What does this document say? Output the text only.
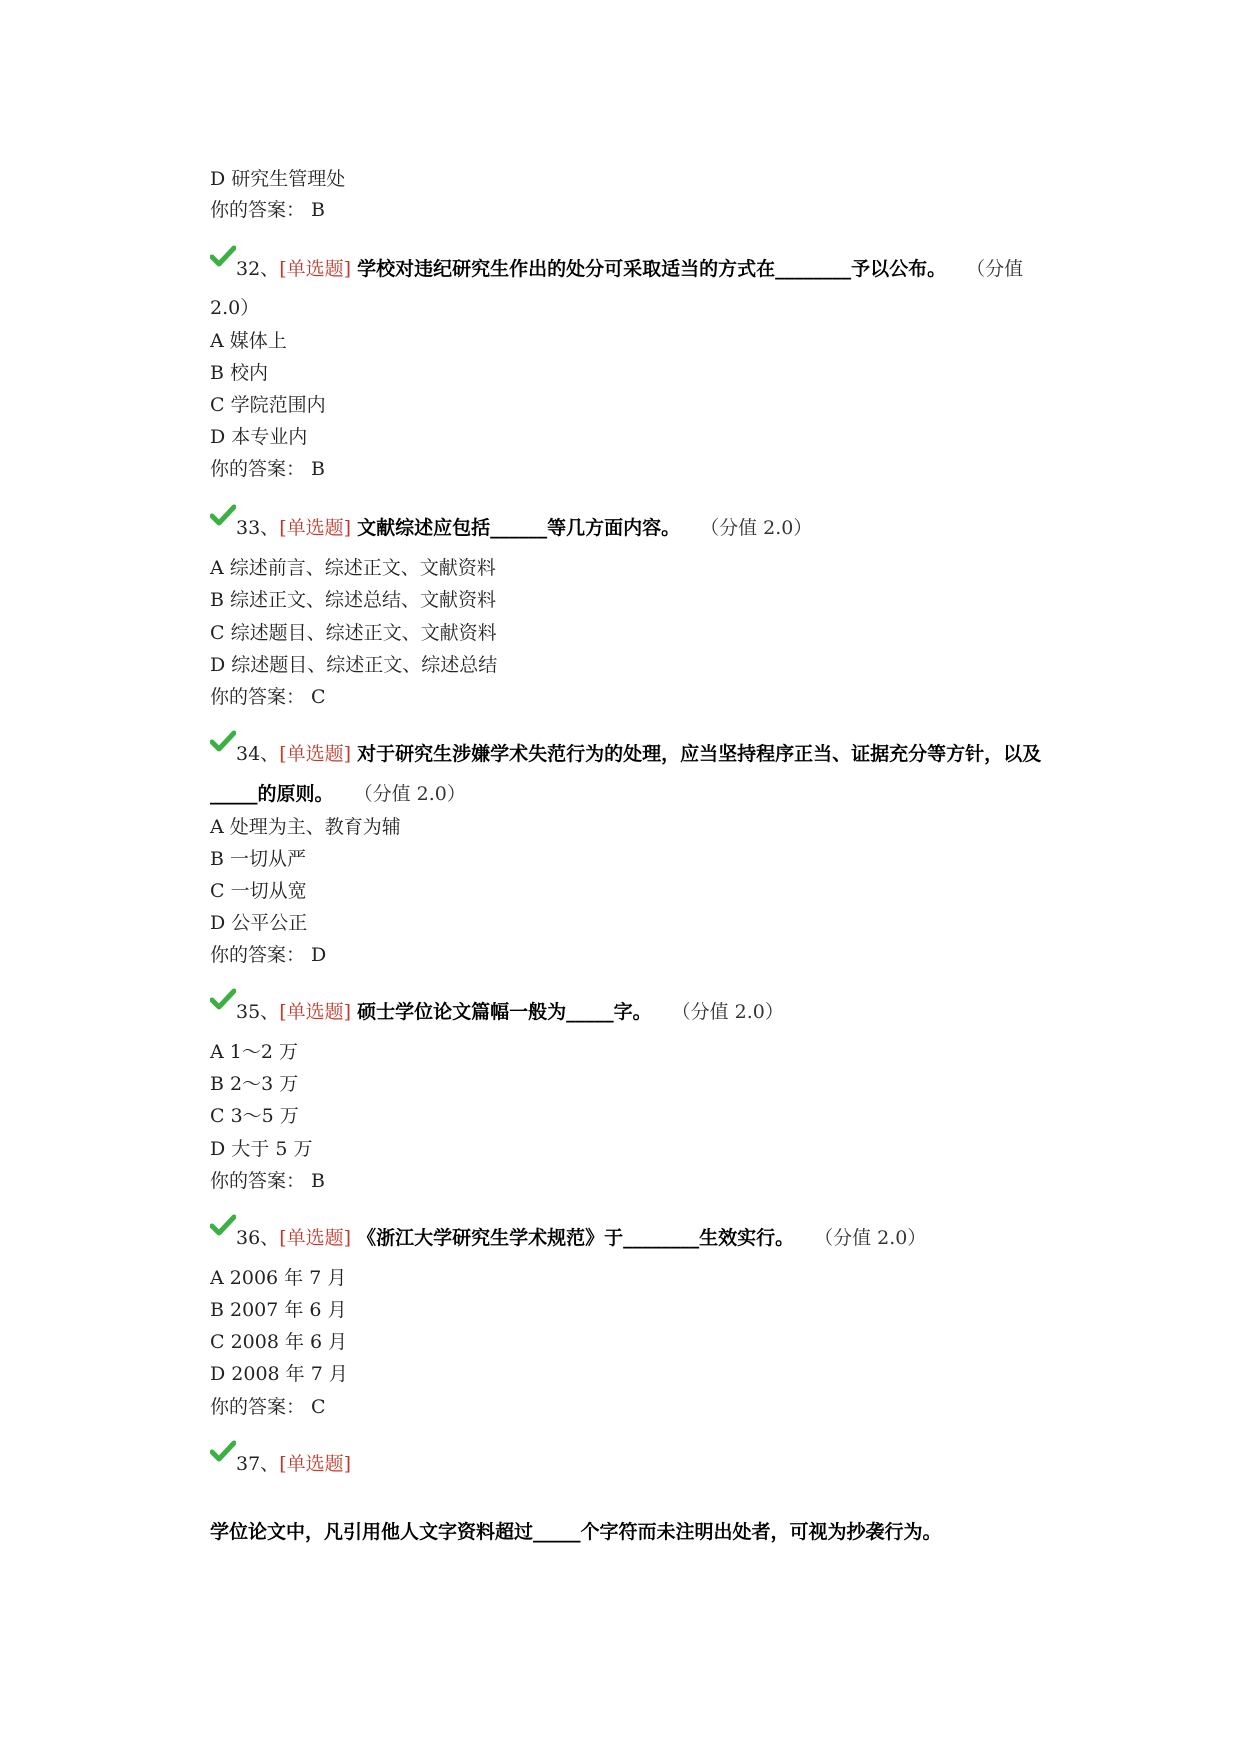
D 研究生管理处
你的答案： B
32、[单选题] 学校对违纪研究生作出的处分可采取适当的方式在________予以公布。 （分值
2.0）
A 媒体上
B 校内
C 学院范围内
D 本专业内
你的答案： B
33、[单选题] 文献综述应包括______等几方面内容。 （分值 2.0）
A 综述前言、综述正文、文献资料
B 综述正文、综述总结、文献资料
C 综述题目、综述正文、文献资料
D 综述题目、综述正文、综述总结
你的答案： C
34、[单选题] 对于研究生涉嫌学术失范行为的处理，应当坚持程序正当、证据充分等方针，以及
_____的原则。 （分值 2.0）
A 处理为主、教育为辅
B 一切从严
C 一切从宽
D 公平公正
你的答案： D
35、[单选题] 硕士学位论文篇幅一般为_____字。 （分值 2.0）
A 1～2 万
B 2～3 万
C 3～5 万
D 大于 5 万
你的答案： B
36、[单选题] 《浙江大学研究生学术规范》于________生效实行。 （分值 2.0）
A 2006 年 7 月
B 2007 年 6 月
C 2008 年 6 月
D 2008 年 7 月
你的答案： C
37、[单选题]
学位论文中，凡引用他人文字资料超过_____个字符而未注明出处者，可视为抄袭行为。
